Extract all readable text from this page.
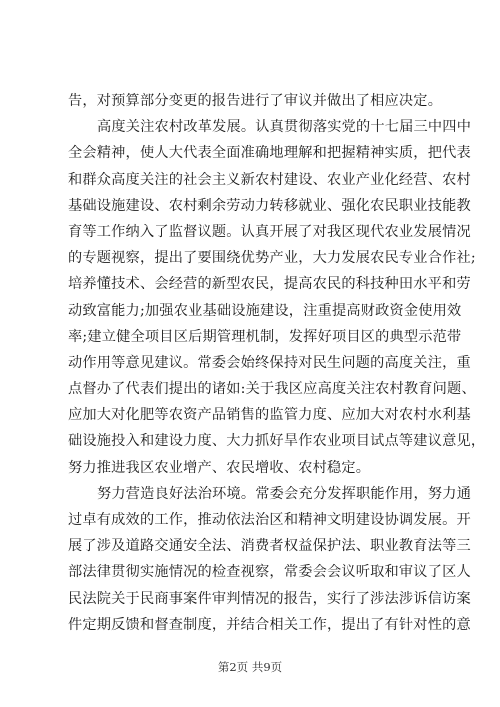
告，对预算部分变更的报告进行了审议并做出了相应决定。
高度关注农村改革发展。认真贯彻落实党的十七届三中四中
全会精神，使人大代表全面准确地理解和把握精神实质，把代表
和群众高度关注的社会主义新农村建设、农业产业化经营、农村
基础设施建设、农村剩余劳动力转移就业、强化农民职业技能教
育等工作纳入了监督议题。认真开展了对我区现代农业发展情况
的专题视察，提出了要围绕优势产业，大力发展农民专业合作社;
培养懂技术、会经营的新型农民，提高农民的科技种田水平和劳
动致富能力;加强农业基础设施建设，注重提高财政资金使用效
率;建立健全项目区后期管理机制，发挥好项目区的典型示范带
动作用等意见建议。常委会始终保持对民生问题的高度关注，重
点督办了代表们提出的诸如:关于我区应高度关注农村教育问题、
应加大对化肥等农资产品销售的监管力度、应加大对农村水利基
础设施投入和建设力度、大力抓好旱作农业项目试点等建议意见，
努力推进我区农业增产、农民增收、农村稳定。
努力营造良好法治环境。常委会充分发挥职能作用，努力通
过卓有成效的工作，推动依法治区和精神文明建设协调发展。开
展了涉及道路交通安全法、消费者权益保护法、职业教育法等三
部法律贯彻实施情况的检查视察，常委会会议听取和审议了区人
民法院关于民商事案件审判情况的报告，实行了涉法涉诉信访案
件定期反馈和督查制度，并结合相关工作，提出了有针对性的意
第2页 共9页
